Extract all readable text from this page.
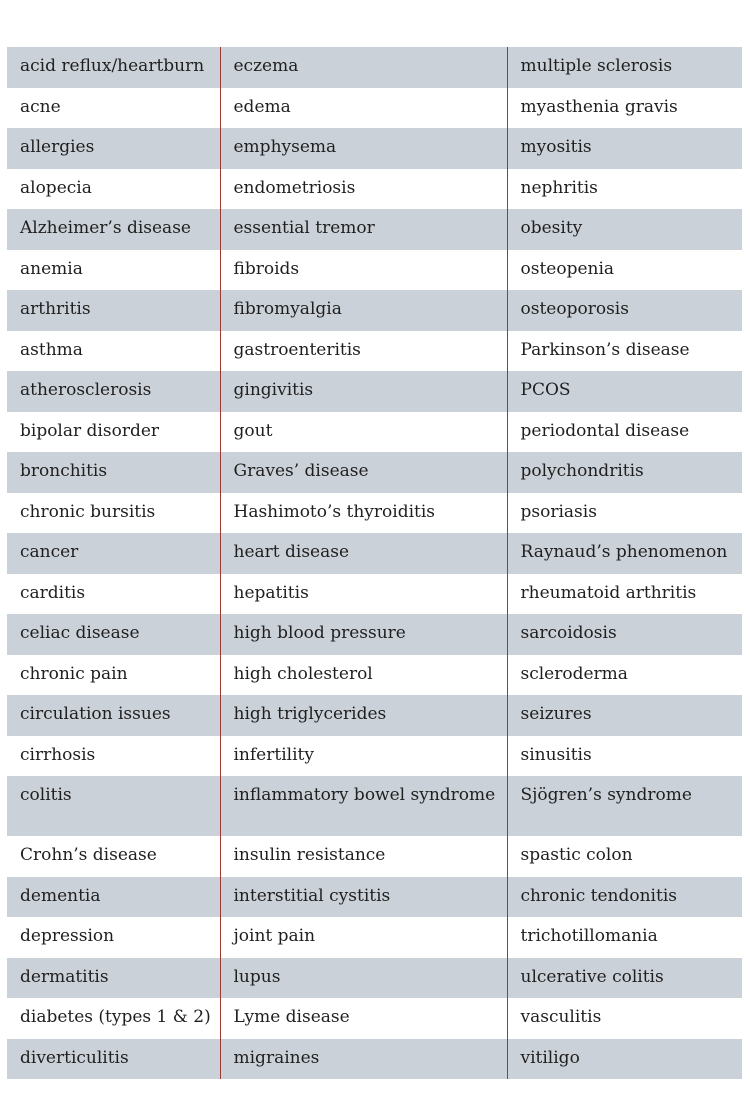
acid reflux/heartburn	eczema	multiple sclerosis
acne	edema	myasthenia gravis
allergies	emphysema	myositis
alopecia	endometriosis	nephritis
Alzheimer’s disease	essential tremor	obesity
anemia	fibroids	osteopenia
arthritis	fibromyalgia	osteoporosis
asthma	gastroenteritis	Parkinson’s disease
atherosclerosis	gingivitis	PCOS
bipolar disorder	gout	periodontal disease
bronchitis	Graves’ disease	polychondritis
chronic bursitis	Hashimoto’s thyroiditis	psoriasis
cancer	heart disease	Raynaud’s phenomenon
carditis	hepatitis	rheumatoid arthritis
celiac disease	high blood pressure	sarcoidosis
chronic pain	high cholesterol	scleroderma
circulation issues	high triglycerides	seizures
cirrhosis	infertility	sinusitis
colitis	inflammatory bowel syndrome	Sjögren’s syndrome
Crohn’s disease	insulin resistance	spastic colon
dementia	interstitial cystitis	chronic tendonitis
depression	joint pain	trichotillomania
dermatitis	lupus	ulcerative colitis
diabetes (types 1 & 2)	Lyme disease	vasculitis
diverticulitis	migraines	vitiligo
